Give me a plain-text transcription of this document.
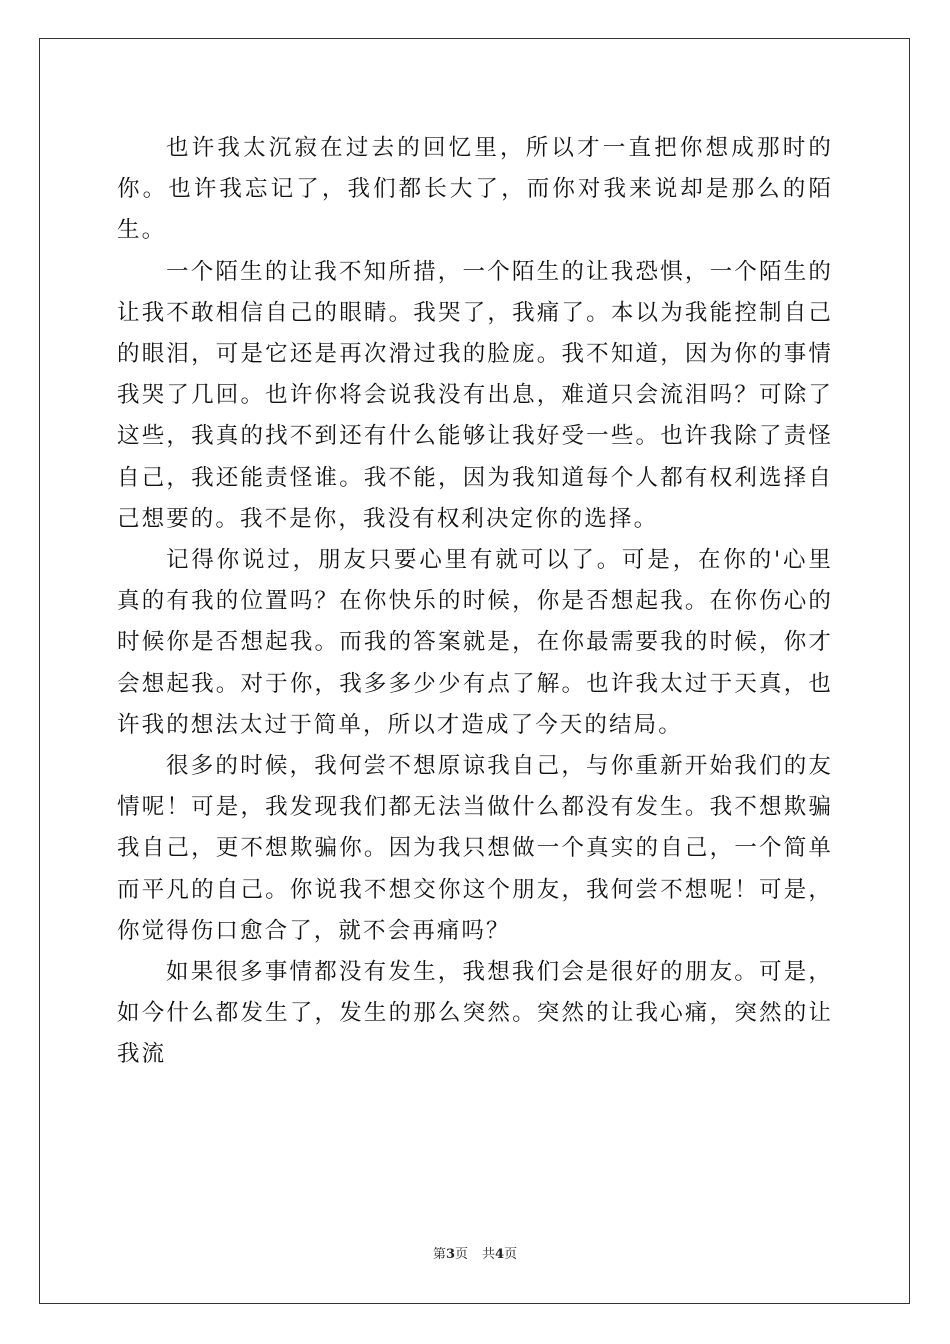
也许我太沉寂在过去的回忆里，所以才一直把你想成那时的你。也许我忘记了，我们都长大了，而你对我来说却是那么的陌生。

一个陌生的让我不知所措，一个陌生的让我恐惧，一个陌生的让我不敢相信自己的眼睛。我哭了，我痛了。本以为我能控制自己的眼泪，可是它还是再次滑过我的脸庞。我不知道，因为你的事情我哭了几回。也许你将会说我没有出息，难道只会流泪吗？可除了这些，我真的找不到还有什么能够让我好受一些。也许我除了责怪自己，我还能责怪谁。我不能，因为我知道每个人都有权利选择自己想要的。我不是你，我没有权利决定你的选择。

记得你说过，朋友只要心里有就可以了。可是，在你的'心里真的有我的位置吗？在你快乐的时候，你是否想起我。在你伤心的时候你是否想起我。而我的答案就是，在你最需要我的时候，你才会想起我。对于你，我多多少少有点了解。也许我太过于天真，也许我的想法太过于简单，所以才造成了今天的结局。

很多的时候，我何尝不想原谅我自己，与你重新开始我们的友情呢！可是，我发现我们都无法当做什么都没有发生。我不想欺骗我自己，更不想欺骗你。因为我只想做一个真实的自己，一个简单而平凡的自己。你说我不想交你这个朋友，我何尝不想呢！可是，你觉得伤口愈合了，就不会再痛吗？

如果很多事情都没有发生，我想我们会是很好的朋友。可是，如今什么都发生了，发生的那么突然。突然的让我心痛，突然的让我流

第3页 共4页
